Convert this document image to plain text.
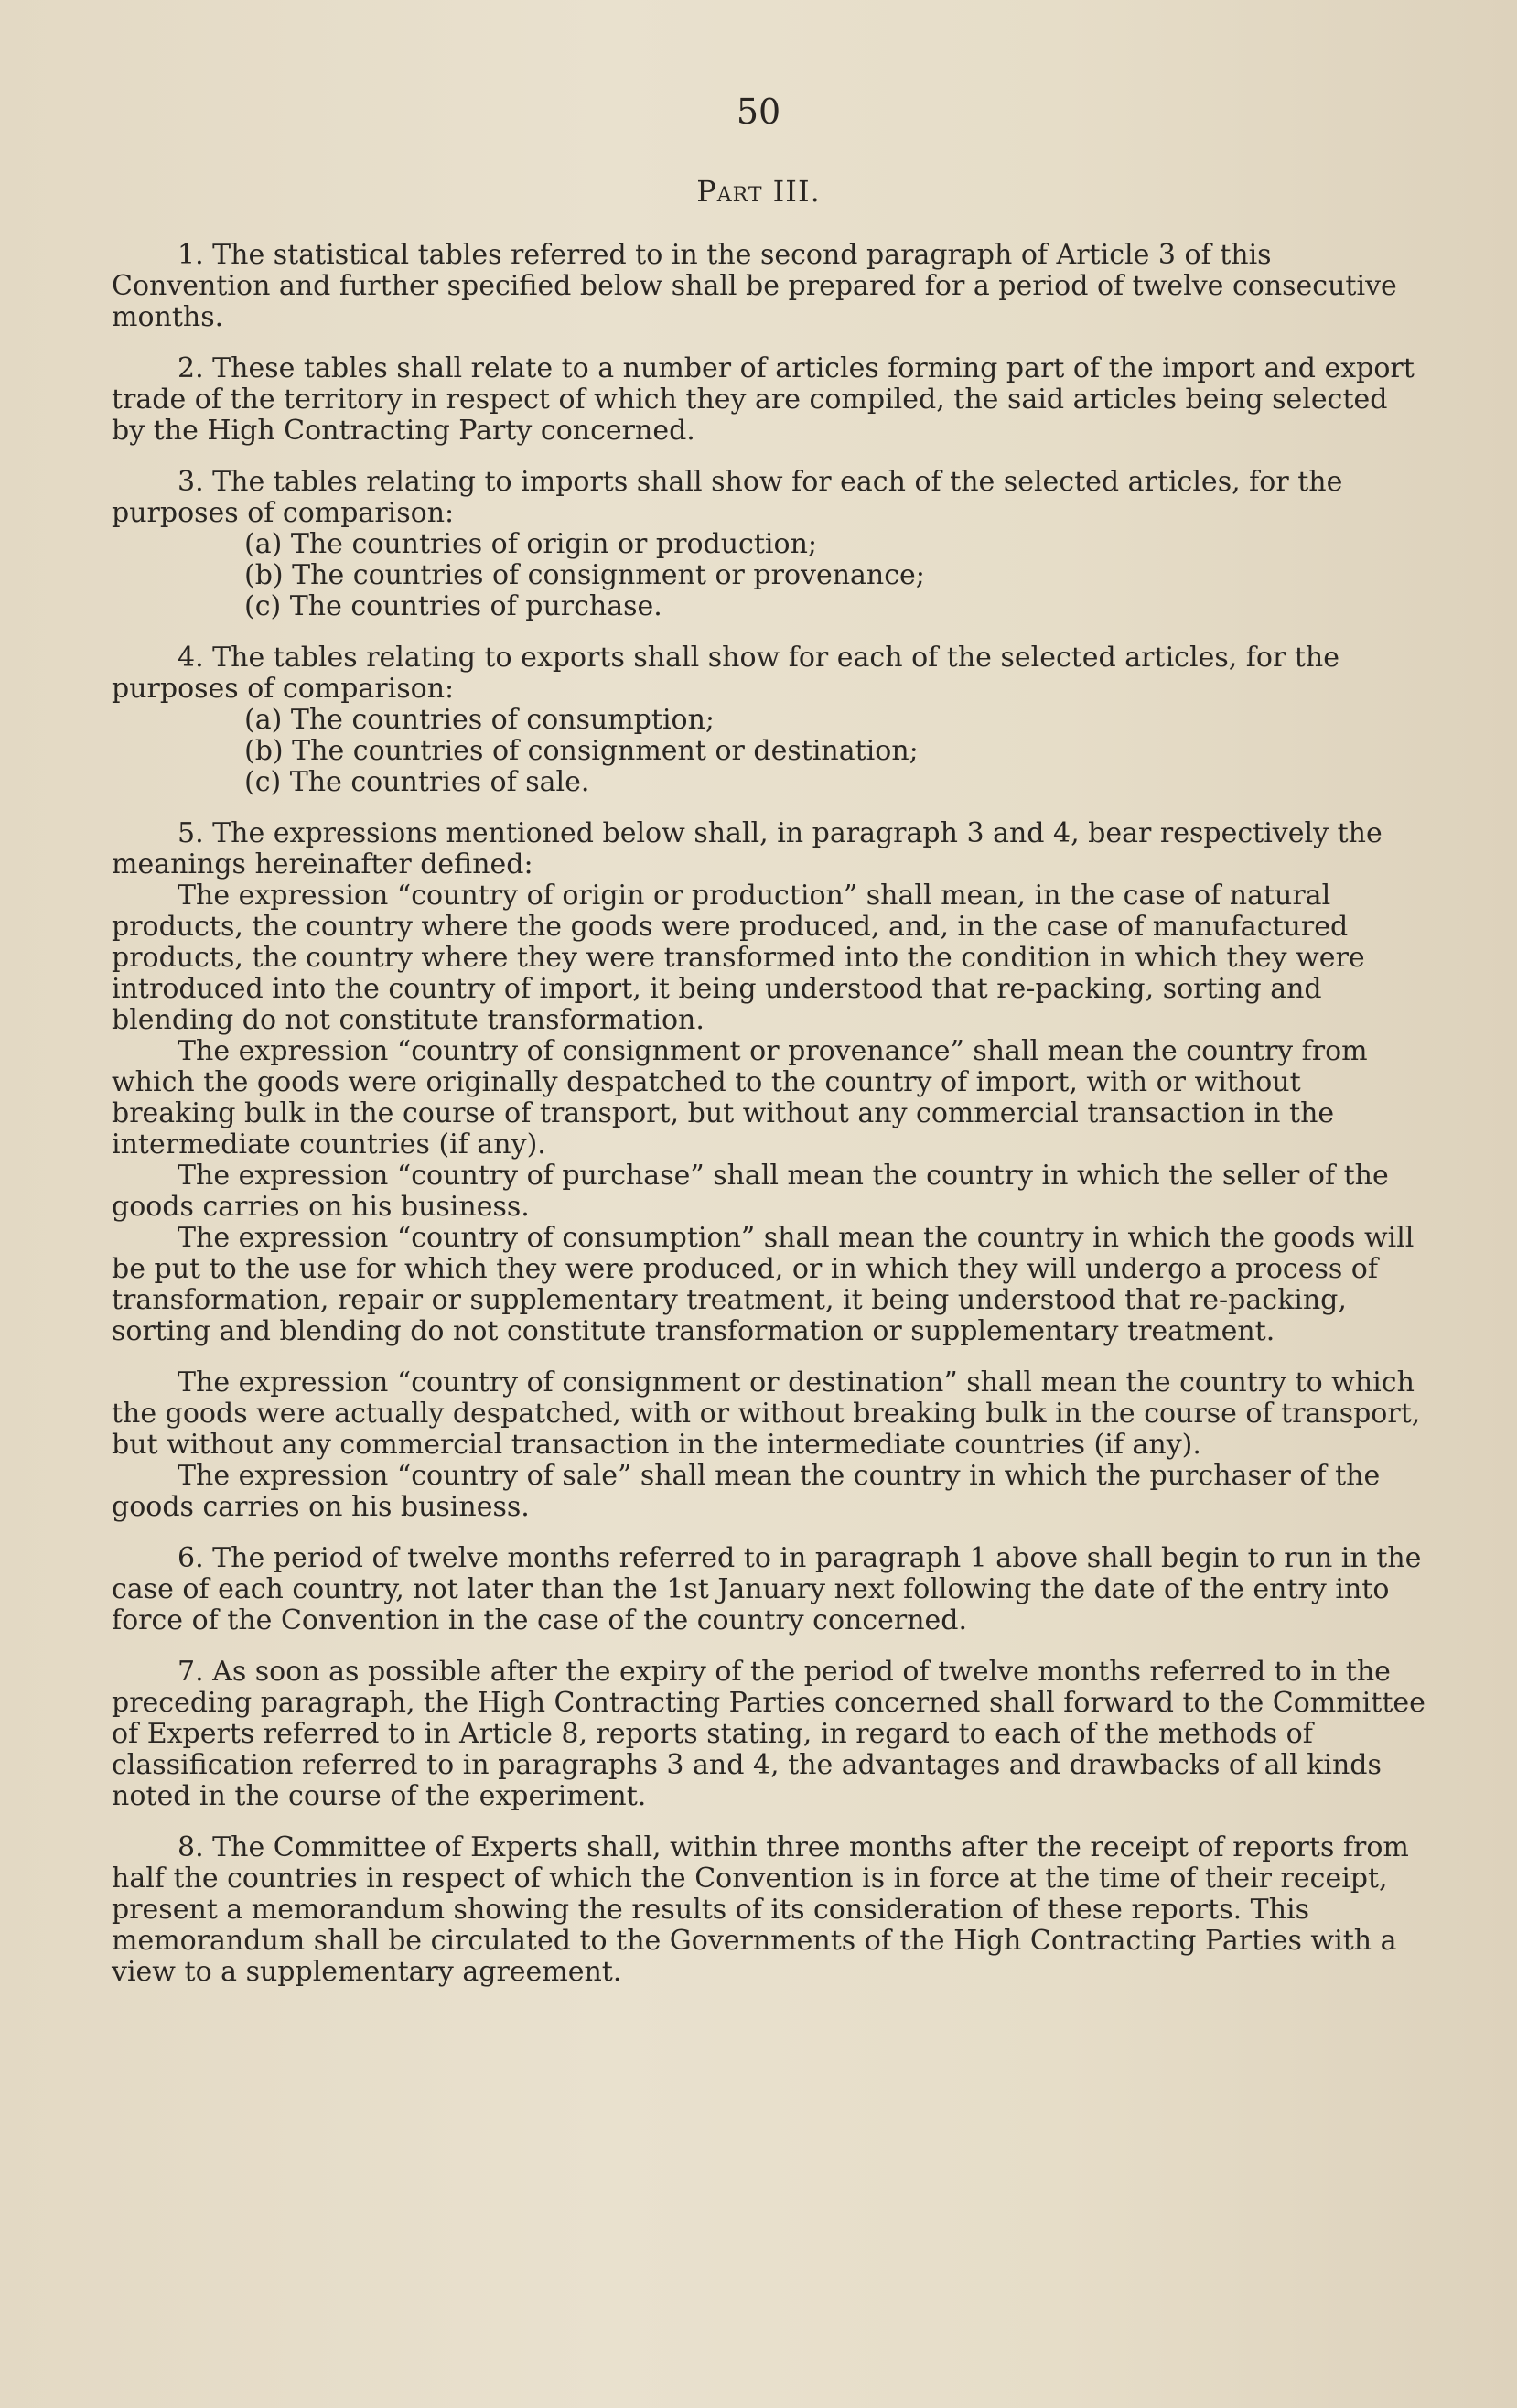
50
Part III.

1. The statistical tables referred to in the second paragraph of Article 3 of this Convention and further specified below shall be prepared for a period of twelve consecutive months.

2. These tables shall relate to a number of articles forming part of the import and export trade of the territory in respect of which they are compiled, the said articles being selected by the High Contracting Party concerned.

3. The tables relating to imports shall show for each of the selected articles, for the purposes of comparison:

(a) The countries of origin or production;

(b) The countries of consignment or provenance;

(c) The countries of purchase.

4. The tables relating to exports shall show for each of the selected articles, for the purposes of comparison:

(a) The countries of consumption;

(b) The countries of consignment or destination;

(c) The countries of sale.

5. The expressions mentioned below shall, in paragraph 3 and 4, bear respectively the meanings hereinafter defined:

The expression “country of origin or production” shall mean, in the case of natural products, the country where the goods were produced, and, in the case of manufactured products, the country where they were transformed into the condition in which they were introduced into the country of import, it being understood that re-packing, sorting and blending do not constitute transformation.

The expression “country of consignment or provenance” shall mean the country from which the goods were originally despatched to the country of import, with or without breaking bulk in the course of transport, but without any commercial transaction in the intermediate countries (if any).

The expression “country of purchase” shall mean the country in which the seller of the goods carries on his business.

The expression “country of consumption” shall mean the country in which the goods will be put to the use for which they were produced, or in which they will undergo a process of transformation, repair or supplementary treatment, it being understood that re-packing, sorting and blending do not constitute transformation or supplementary treatment.

The expression “country of consignment or destination” shall mean the country to which the goods were actually despatched, with or without breaking bulk in the course of transport, but without any commercial transaction in the intermediate countries (if any).

The expression “country of sale” shall mean the country in which the purchaser of the goods carries on his business.

6. The period of twelve months referred to in paragraph 1 above shall begin to run in the case of each country, not later than the 1st January next following the date of the entry into force of the Convention in the case of the country concerned.

7. As soon as possible after the expiry of the period of twelve months referred to in the preceding paragraph, the High Contracting Parties concerned shall forward to the Committee of Experts referred to in Article 8, reports stating, in regard to each of the methods of classification referred to in paragraphs 3 and 4, the advantages and drawbacks of all kinds noted in the course of the experiment.

8. The Committee of Experts shall, within three months after the receipt of reports from half the countries in respect of which the Convention is in force at the time of their receipt, present a memorandum showing the results of its consideration of these reports. This memorandum shall be circulated to the Governments of the High Contracting Parties with a view to a supplementary agreement.
